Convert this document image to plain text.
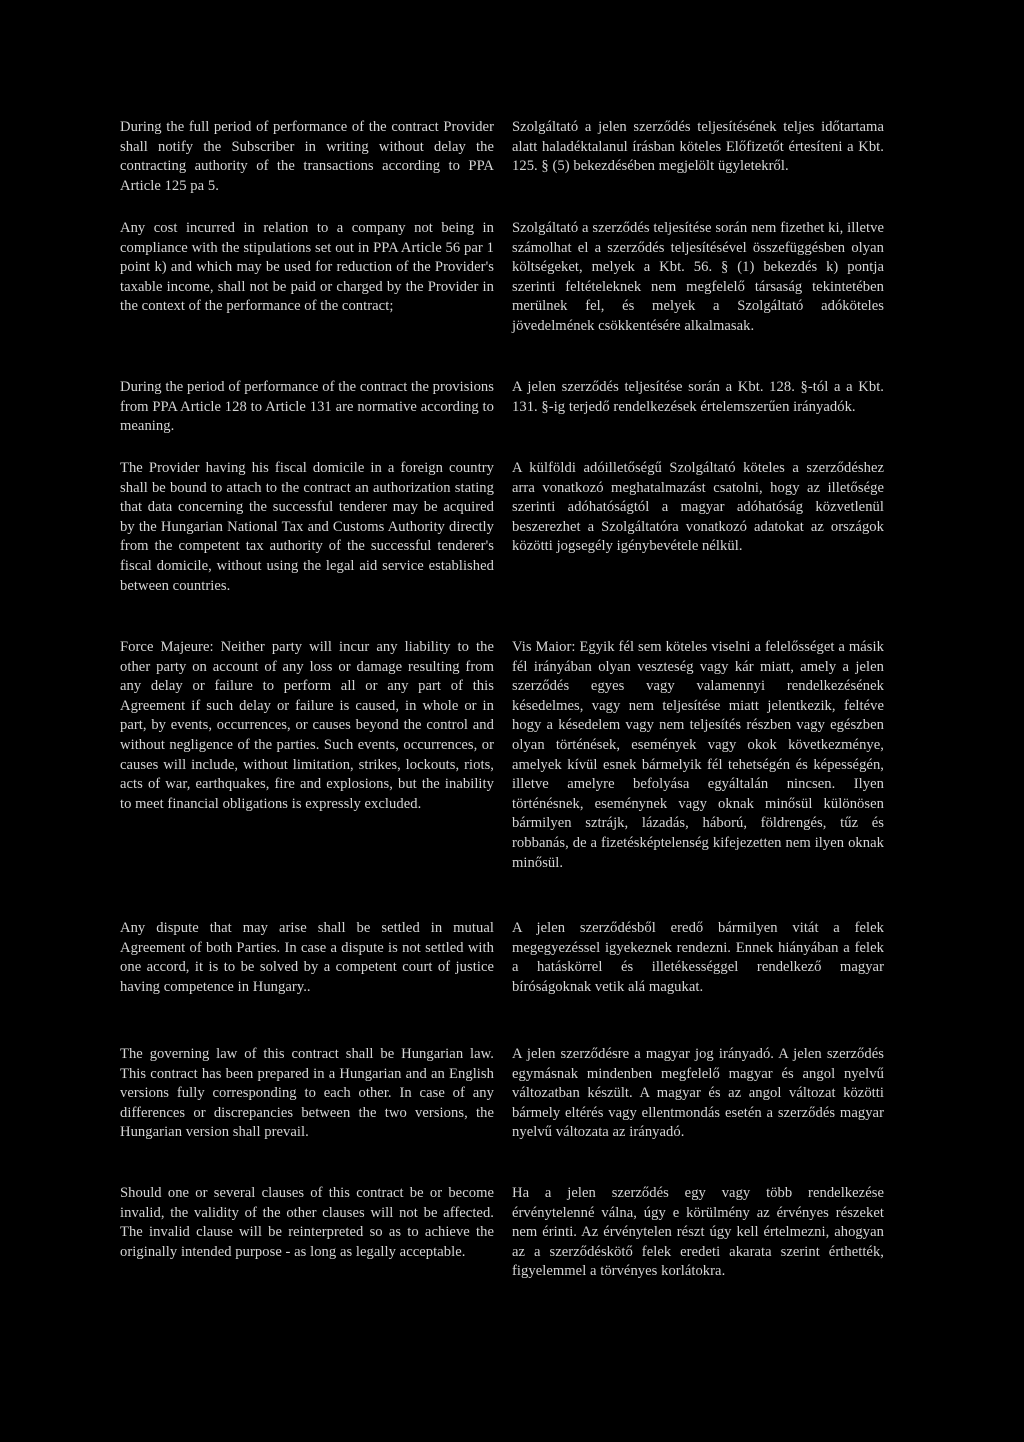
During the full period of performance of the contract Provider shall notify the Subscriber in writing without delay the contracting authority of the transactions according to PPA Article 125 pa 5.

Szolgáltató a jelen szerződés teljesítésének teljes időtartama alatt haladéktalanul írásban köteles Előfizetőt értesíteni a Kbt. 125. § (5) bekezdésében megjelölt ügyletekről.

Any cost incurred in relation to a company not being in compliance with the stipulations set out in PPA Article 56 par 1 point k) and which may be used for reduction of the Provider's taxable income, shall not be paid or charged by the Provider in the context of the performance of the contract;

Szolgáltató a szerződés teljesítése során nem fizethet ki, illetve számolhat el a szerződés teljesítésével összefüggésben olyan költségeket, melyek a Kbt. 56. § (1) bekezdés k) pontja szerinti feltételeknek nem megfelelő társaság tekintetében merülnek fel, és melyek a Szolgáltató adóköteles jövedelmének csökkentésére alkalmasak.

During the period of performance of the contract the provisions from PPA Article 128 to Article 131 are normative according to meaning.

A jelen szerződés teljesítése során a Kbt. 128. §-tól a a Kbt. 131. §-ig terjedő rendelkezések értelemszerűen irányadók.

The Provider having his fiscal domicile in a foreign country shall be bound to attach to the contract an authorization stating that data concerning the successful tenderer may be acquired by the Hungarian National Tax and Customs Authority directly from the competent tax authority of the successful tenderer's fiscal domicile, without using the legal aid service established between countries.

A külföldi adóilletőségű Szolgáltató köteles a szerződéshez arra vonatkozó meghatalmazást csatolni, hogy az illetősége szerinti adóhatóságtól a magyar adóhatóság közvetlenül beszerezhet a Szolgáltatóra vonatkozó adatokat az országok közötti jogsegély igénybevétele nélkül.

Force Majeure: Neither party will incur any liability to the other party on account of any loss or damage resulting from any delay or failure to perform all or any part of this Agreement if such delay or failure is caused, in whole or in part, by events, occurrences, or causes beyond the control and without negligence of the parties. Such events, occurrences, or causes will include, without limitation, strikes, lockouts, riots, acts of war, earthquakes, fire and explosions, but the inability to meet financial obligations is expressly excluded.

Vis Maior: Egyik fél sem köteles viselni a felelősséget a másik fél irányában olyan veszteség vagy kár miatt, amely a jelen szerződés egyes vagy valamennyi rendelkezésének késedelmes, vagy nem teljesítése miatt jelentkezik, feltéve hogy a késedelem vagy nem teljesítés részben vagy egészben olyan történések, események vagy okok következménye, amelyek kívül esnek bármelyik fél tehetségén és képességén, illetve amelyre befolyása egyáltalán nincsen. Ilyen történésnek, eseménynek vagy oknak minősül különösen bármilyen sztrájk, lázadás, háború, földrengés, tűz és robbanás, de a fizetésképtelenség kifejezetten nem ilyen oknak minősül.

Any dispute that may arise shall be settled in mutual Agreement of both Parties. In case a dispute is not settled with one accord, it is to be solved by a competent court of justice having competence in Hungary..

A jelen szerződésből eredő bármilyen vitát a felek megegyezéssel igyekeznek rendezni. Ennek hiányában a felek a hatáskörrel és illetékességgel rendelkező magyar bíróságoknak vetik alá magukat.

The governing law of this contract shall be Hungarian law. This contract has been prepared in a Hungarian and an English versions fully corresponding to each other. In case of any differences or discrepancies between the two versions, the Hungarian version shall prevail.

A jelen szerződésre a magyar jog irányadó. A jelen szerződés egymásnak mindenben megfelelő magyar és angol nyelvű változatban készült. A magyar és az angol változat közötti bármely eltérés vagy ellentmondás esetén a szerződés magyar nyelvű változata az irányadó.

Should one or several clauses of this contract be or become invalid, the validity of the other clauses will not be affected. The invalid clause will be reinterpreted so as to achieve the originally intended purpose - as long as legally acceptable.

Ha a jelen szerződés egy vagy több rendelkezése érvénytelenné válna, úgy e körülmény az érvényes részeket nem érinti. Az érvénytelen részt úgy kell értelmezni, ahogyan az a szerződéskötő felek eredeti akarata szerint érthették, figyelemmel a törvényes korlátokra.
